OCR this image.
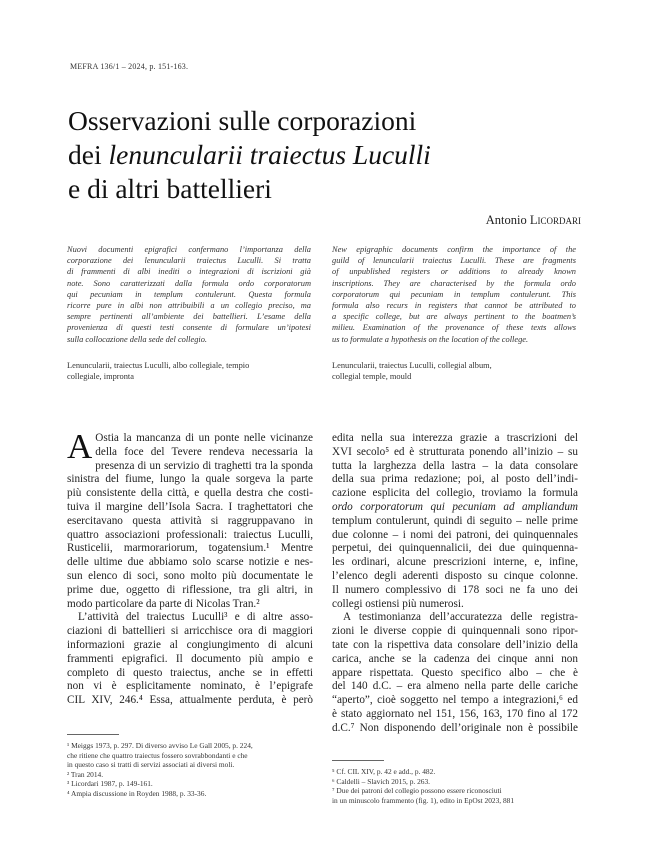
MEFRA 136/1 – 2024, p. 151-163.
Osservazioni sulle corporazioni
dei lenuncularii traiectus Luculli
e di altri battellieri
Antonio Licordari
Nuovi documenti epigrafici confermano l’importanza della
corporazione dei lenuncularii traiectus Luculli. Si tratta
di frammenti di albi inediti o integrazioni di iscrizioni già
note. Sono caratterizzati dalla formula ordo corporatorum
qui pecuniam in templum contulerunt. Questa formula
ricorre pure in albi non attribuibili a un collegio preciso, ma
sempre pertinenti all’ambiente dei battellieri. L’esame della
provenienza di questi testi consente di formulare un’ipotesi
sulla collocazione della sede del collegio.
Lenuncularii, traiectus Luculli, albo collegiale, tempio
collegiale, impronta
New epigraphic documents confirm the importance of the
guild of lenuncularii traiectus Luculli. These are fragments
of unpublished registers or additions to already known
inscriptions. They are characterised by the formula ordo
corporatorum qui pecuniam in templum contulerunt. This
formula also recurs in registers that cannot be attributed to
a specific college, but are always pertinent to the boatmen’s
milieu. Examination of the provenance of these texts allows
us to formulate a hypothesis on the location of the college.
Lenuncularii, traiectus Luculli, collegial album,
collegial temple, mould
A Ostia la mancanza di un ponte nelle vicinanze
della foce del Tevere rendeva necessaria la
presenza di un servizio di traghetti tra la sponda
sinistra del fiume, lungo la quale sorgeva la parte
più consistente della città, e quella destra che costi-
tuiva il margine dell’Isola Sacra. I traghettatori che
esercitavano questa attività si raggruppavano in
quattro associazioni professionali: traiectus Luculli,
Rusticelii, marmorariorum, togatensium.¹ Mentre
delle ultime due abbiamo solo scarse notizie e nes-
sun elenco di soci, sono molto più documentate le
prime due, oggetto di riflessione, tra gli altri, in
modo particolare da parte di Nicolas Tran.²
L’attività del traiectus Luculli³ e di altre asso-
ciazioni di battellieri si arricchisce ora di maggiori
informazioni grazie al congiungimento di alcuni
frammenti epigrafici. Il documento più ampio e
completo di questo traiectus, anche se in effetti
non vi è esplicitamente nominato, è l’epigrafe
CIL XIV, 246.⁴ Essa, attualmente perduta, è però
edita nella sua interezza grazie a trascrizioni del
XVI secolo⁵ ed è strutturata ponendo all’inizio – su
tutta la larghezza della lastra – la data consolare
della sua prima redazione; poi, al posto dell’indi-
cazione esplicita del collegio, troviamo la formula
ordo corporatorum qui pecuniam ad ampliandum
templum contulerunt, quindi di seguito – nelle prime
due colonne – i nomi dei patroni, dei quinquennales
perpetui, dei quinquennalicii, dei due quinquenna-
les ordinari, alcune prescrizioni interne, e, infine,
l’elenco degli aderenti disposto su cinque colonne.
Il numero complessivo di 178 soci ne fa uno dei
collegi ostiensi più numerosi.
A testimonianza dell’accuratezza delle registra-
zioni le diverse coppie di quinquennali sono ripor-
tate con la rispettiva data consolare dell’inizio della
carica, anche se la cadenza dei cinque anni non
appare rispettata. Questo specifico albo – che è
del 140 d.C. – era almeno nella parte delle cariche
“aperto”, cioè soggetto nel tempo a integrazioni,⁶ ed
è stato aggiornato nel 151, 156, 163, 170 fino al 172
d.C.⁷ Non disponendo dell’originale non è possibile
¹ Meiggs 1973, p. 297. Di diverso avviso Le Gall 2005, p. 224,
che ritiene che quattro traiectus fossero sovrabbondanti e che
in questo caso si tratti di servizi associati ai diversi moli.
² Tran 2014.
³ Licordari 1987, p. 149-161.
⁴ Ampia discussione in Royden 1988, p. 33-36.
⁵ Cf. CIL XIV, p. 42 e add., p. 482.
⁶ Caldelli – Slavich 2015, p. 263.
⁷ Due dei patroni del collegio possono essere riconosciuti
in un minuscolo frammento (fig. 1), edito in EpOst 2023, 881
